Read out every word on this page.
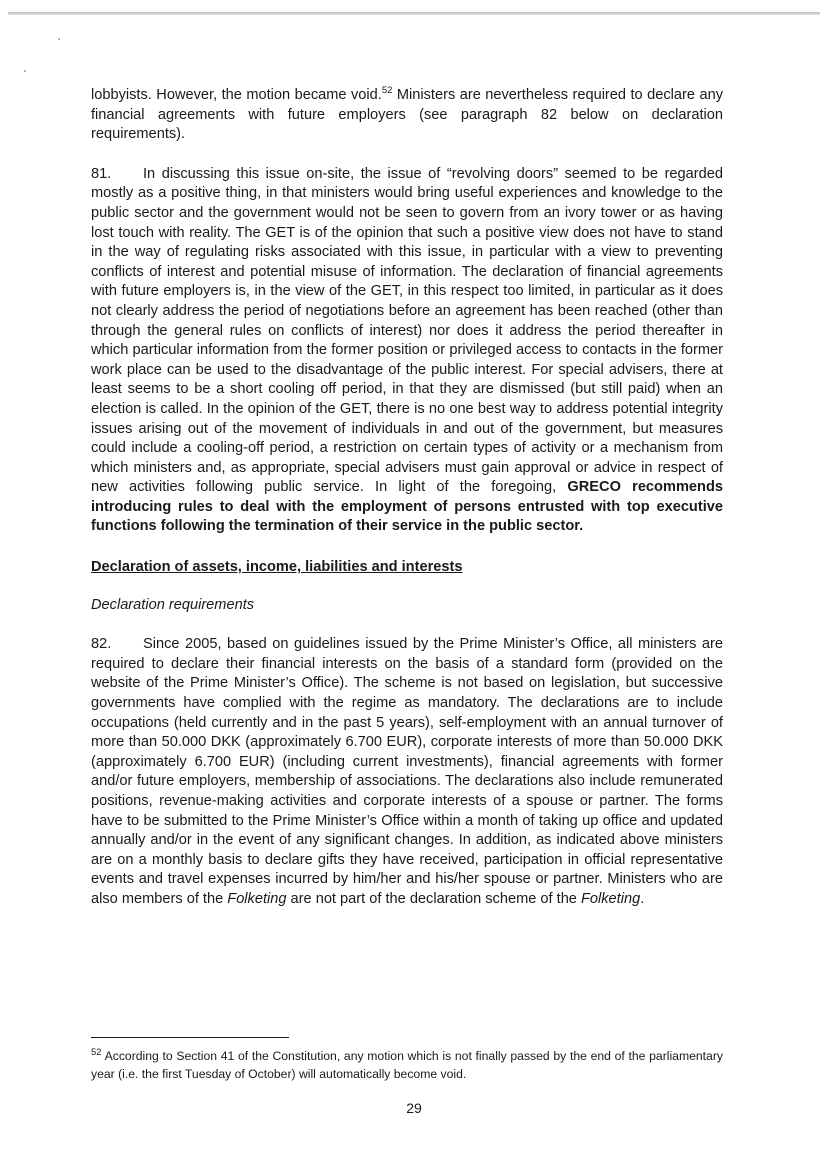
lobbyists. However, the motion became void.$^{52}$ Ministers are nevertheless required to declare any financial agreements with future employers (see paragraph 82 below on declaration requirements).

81. In discussing this issue on-site, the issue of “revolving doors” seemed to be regarded mostly as a positive thing, in that ministers would bring useful experiences and knowledge to the public sector and the government would not be seen to govern from an ivory tower or as having lost touch with reality. The GET is of the opinion that such a positive view does not have to stand in the way of regulating risks associated with this issue, in particular with a view to preventing conflicts of interest and potential misuse of information. The declaration of financial agreements with future employers is, in the view of the GET, in this respect too limited, in particular as it does not clearly address the period of negotiations before an agreement has been reached (other than through the general rules on conflicts of interest) nor does it address the period thereafter in which particular information from the former position or privileged access to contacts in the former work place can be used to the disadvantage of the public interest. For special advisers, there at least seems to be a short cooling off period, in that they are dismissed (but still paid) when an election is called. In the opinion of the GET, there is no one best way to address potential integrity issues arising out of the movement of individuals in and out of the government, but measures could include a cooling-off period, a restriction on certain types of activity or a mechanism from which ministers and, as appropriate, special advisers must gain approval or advice in respect of new activities following public service. In light of the foregoing, GRECO recommends introducing rules to deal with the employment of persons entrusted with top executive functions following the termination of their service in the public sector.

Declaration of assets, income, liabilities and interests

Declaration requirements

82. Since 2005, based on guidelines issued by the Prime Minister’s Office, all ministers are required to declare their financial interests on the basis of a standard form (provided on the website of the Prime Minister’s Office). The scheme is not based on legislation, but successive governments have complied with the regime as mandatory. The declarations are to include occupations (held currently and in the past 5 years), self-employment with an annual turnover of more than 50.000 DKK (approximately 6.700 EUR), corporate interests of more than 50.000 DKK (approximately 6.700 EUR) (including current investments), financial agreements with former and/or future employers, membership of associations. The declarations also include remunerated positions, revenue-making activities and corporate interests of a spouse or partner. The forms have to be submitted to the Prime Minister’s Office within a month of taking up office and updated annually and/or in the event of any significant changes. In addition, as indicated above ministers are on a monthly basis to declare gifts they have received, participation in official representative events and travel expenses incurred by him/her and his/her spouse or partner. Ministers who are also members of the Folketing are not part of the declaration scheme of the Folketing.

$^{52}$ According to Section 41 of the Constitution, any motion which is not finally passed by the end of the parliamentary year (i.e. the first Tuesday of October) will automatically become void.

29
